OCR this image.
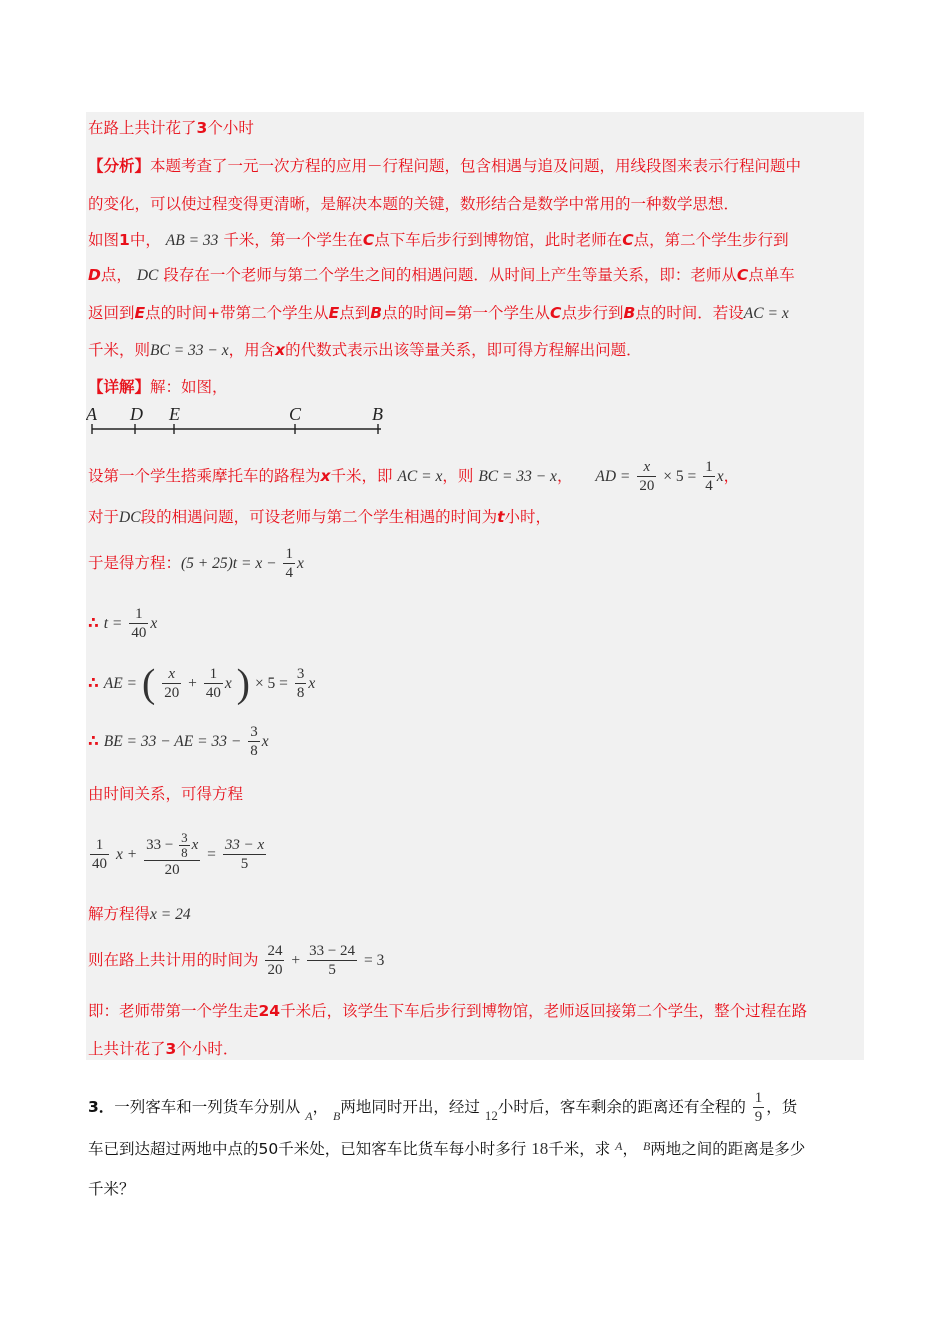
在路上共计花了3个小时
【分析】本题考查了一元一次方程的应用－行程问题，包含相遇与追及问题，用线段图来表示行程问题中
的变化，可以使过程变得更清晰，是解决本题的关键，数形结合是数学中常用的一种数学思想．
如图1中， AB = 33 千米，第一个学生在C点下车后步行到博物馆，此时老师在C点，第二个学生步行到
D点， DC 段存在一个老师与第二个学生之间的相遇问题．从时间上产生等量关系，即：老师从C点单车
返回到E点的时间+带第二个学生从E点到B点的时间=第一个学生从C点步行到B点的时间．若设AC = x
千米，则BC = 33 − x，用含x的代数式表示出该等量关系，即可得方程解出问题．
【详解】解：如图，
A D E	C	B
设第一个学生搭乘摩托车的路程为x千米，即 AC = x，则 BC = 33 − x， AD = $\frac{x}{20} \times 5 = \frac{1}{4}$ x，
对于DC段的相遇问题，可设老师与第二个学生相遇的时间为t小时，
于是得方程：$(5 + 25)t = x - \frac{1}{4}$ x
∴ $t = \frac{1}{40}$ x
∴ AE = ( $\frac{x}{20} + \frac{1}{40}$ x ) × $5 = \frac{3}{8}$ x
∴ BE = 33 − AE = $33 - \frac{3}{8}$ x
由时间关系，可得方程
$\frac{1}{40}$ $x + \frac{33 - \frac{3}{8} x}{20} = \frac{33 - x}{5}$
解方程得x = 24
则在路上共计用的时间为 $\frac{24}{20} + \frac{33 - 24}{5} = 3$
即：老师带第一个学生走24千米后，该学生下车后步行到博物馆，老师返回接第二个学生，整个过程在路
上共计花了3个小时．
3．一列客车和一列货车分别从 $_A$， $_B$两地同时开出，经过 $_{12}$小时后，客车剩余的距离还有全程的 $\frac{1}{9}$ ，货
车已到达超过两地中点的50千米处，已知客车比货车每小时多行 18千米，求 $^A$， $^B$两地之间的距离是多少
千米？
